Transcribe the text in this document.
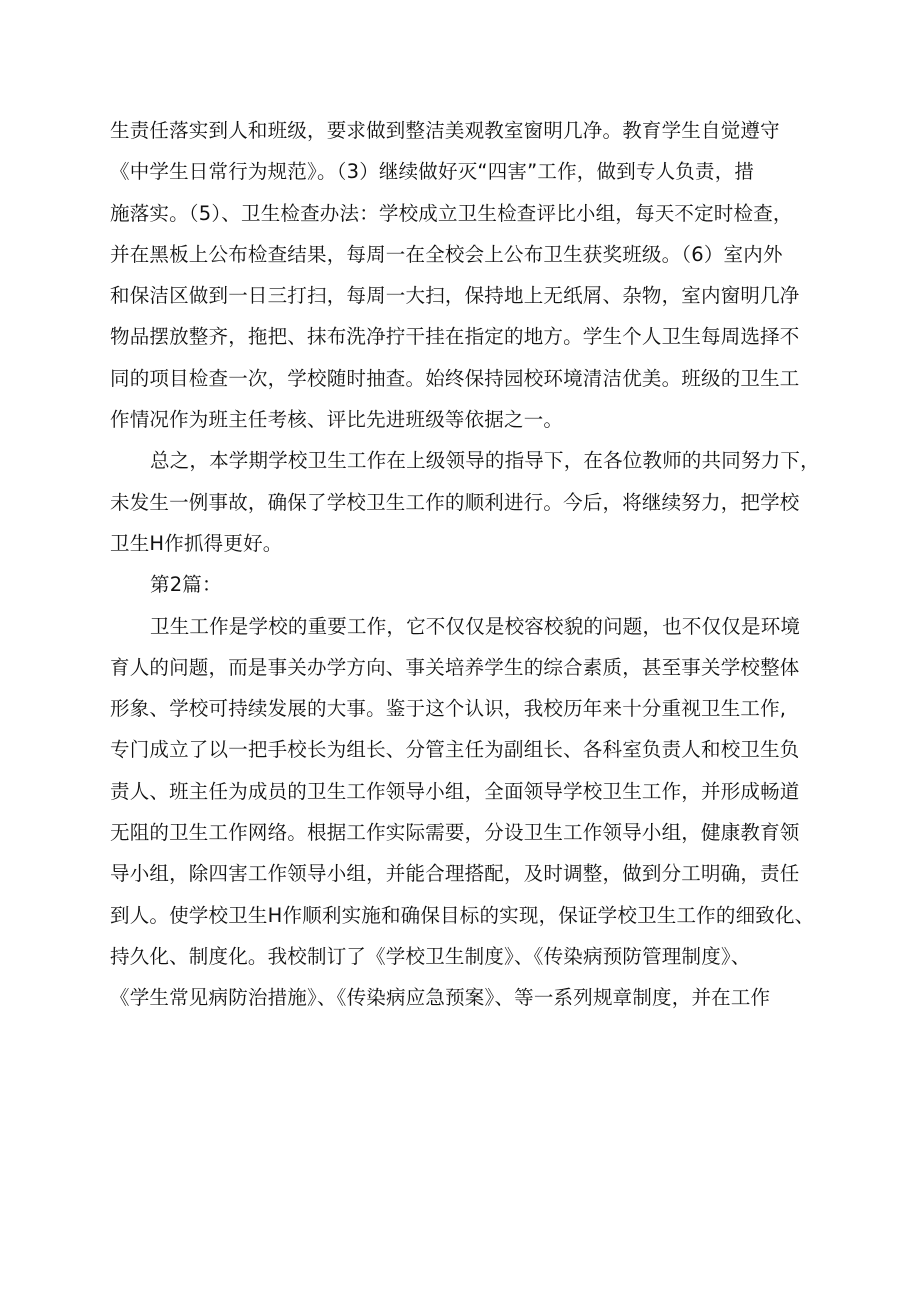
生责任落实到人和班级，要求做到整洁美观教室窗明几净。教育学生自觉遵守
《中学生日常行为规范》。（3）继续做好灭“四害”工作，做到专人负责，措
施落实。（5）、卫生检查办法：学校成立卫生检查评比小组，每天不定时检查，
并在黑板上公布检查结果，每周一在全校会上公布卫生获奖班级。（6）室内外
和保洁区做到一日三打扫，每周一大扫，保持地上无纸屑、杂物，室内窗明几净
物品摆放整齐，拖把、抹布洗净拧干挂在指定的地方。学生个人卫生每周选择不
同的项目检查一次，学校随时抽查。始终保持园校环境清洁优美。班级的卫生工
作情况作为班主任考核、评比先进班级等依据之一。
总之，本学期学校卫生工作在上级领导的指导下，在各位教师的共同努力下，
未发生一例事故，确保了学校卫生工作的顺利进行。今后，将继续努力，把学校
卫生H作抓得更好。
第2篇：
卫生工作是学校的重要工作，它不仅仅是校容校貌的问题，也不仅仅是环境
育人的问题，而是事关办学方向、事关培养学生的综合素质，甚至事关学校整体
形象、学校可持续发展的大事。鉴于这个认识，我校历年来十分重视卫生工作,
专门成立了以一把手校长为组长、分管主任为副组长、各科室负责人和校卫生负
责人、班主任为成员的卫生工作领导小组，全面领导学校卫生工作，并形成畅道
无阻的卫生工作网络。根据工作实际需要，分设卫生工作领导小组，健康教育领
导小组，除四害工作领导小组，并能合理搭配，及时调整，做到分工明确，责任
到人。使学校卫生H作顺利实施和确保目标的实现，保证学校卫生工作的细致化、
持久化、制度化。我校制订了《学校卫生制度》、《传染病预防管理制度》、
《学生常见病防治措施》、《传染病应急预案》、等一系列规章制度，并在工作
